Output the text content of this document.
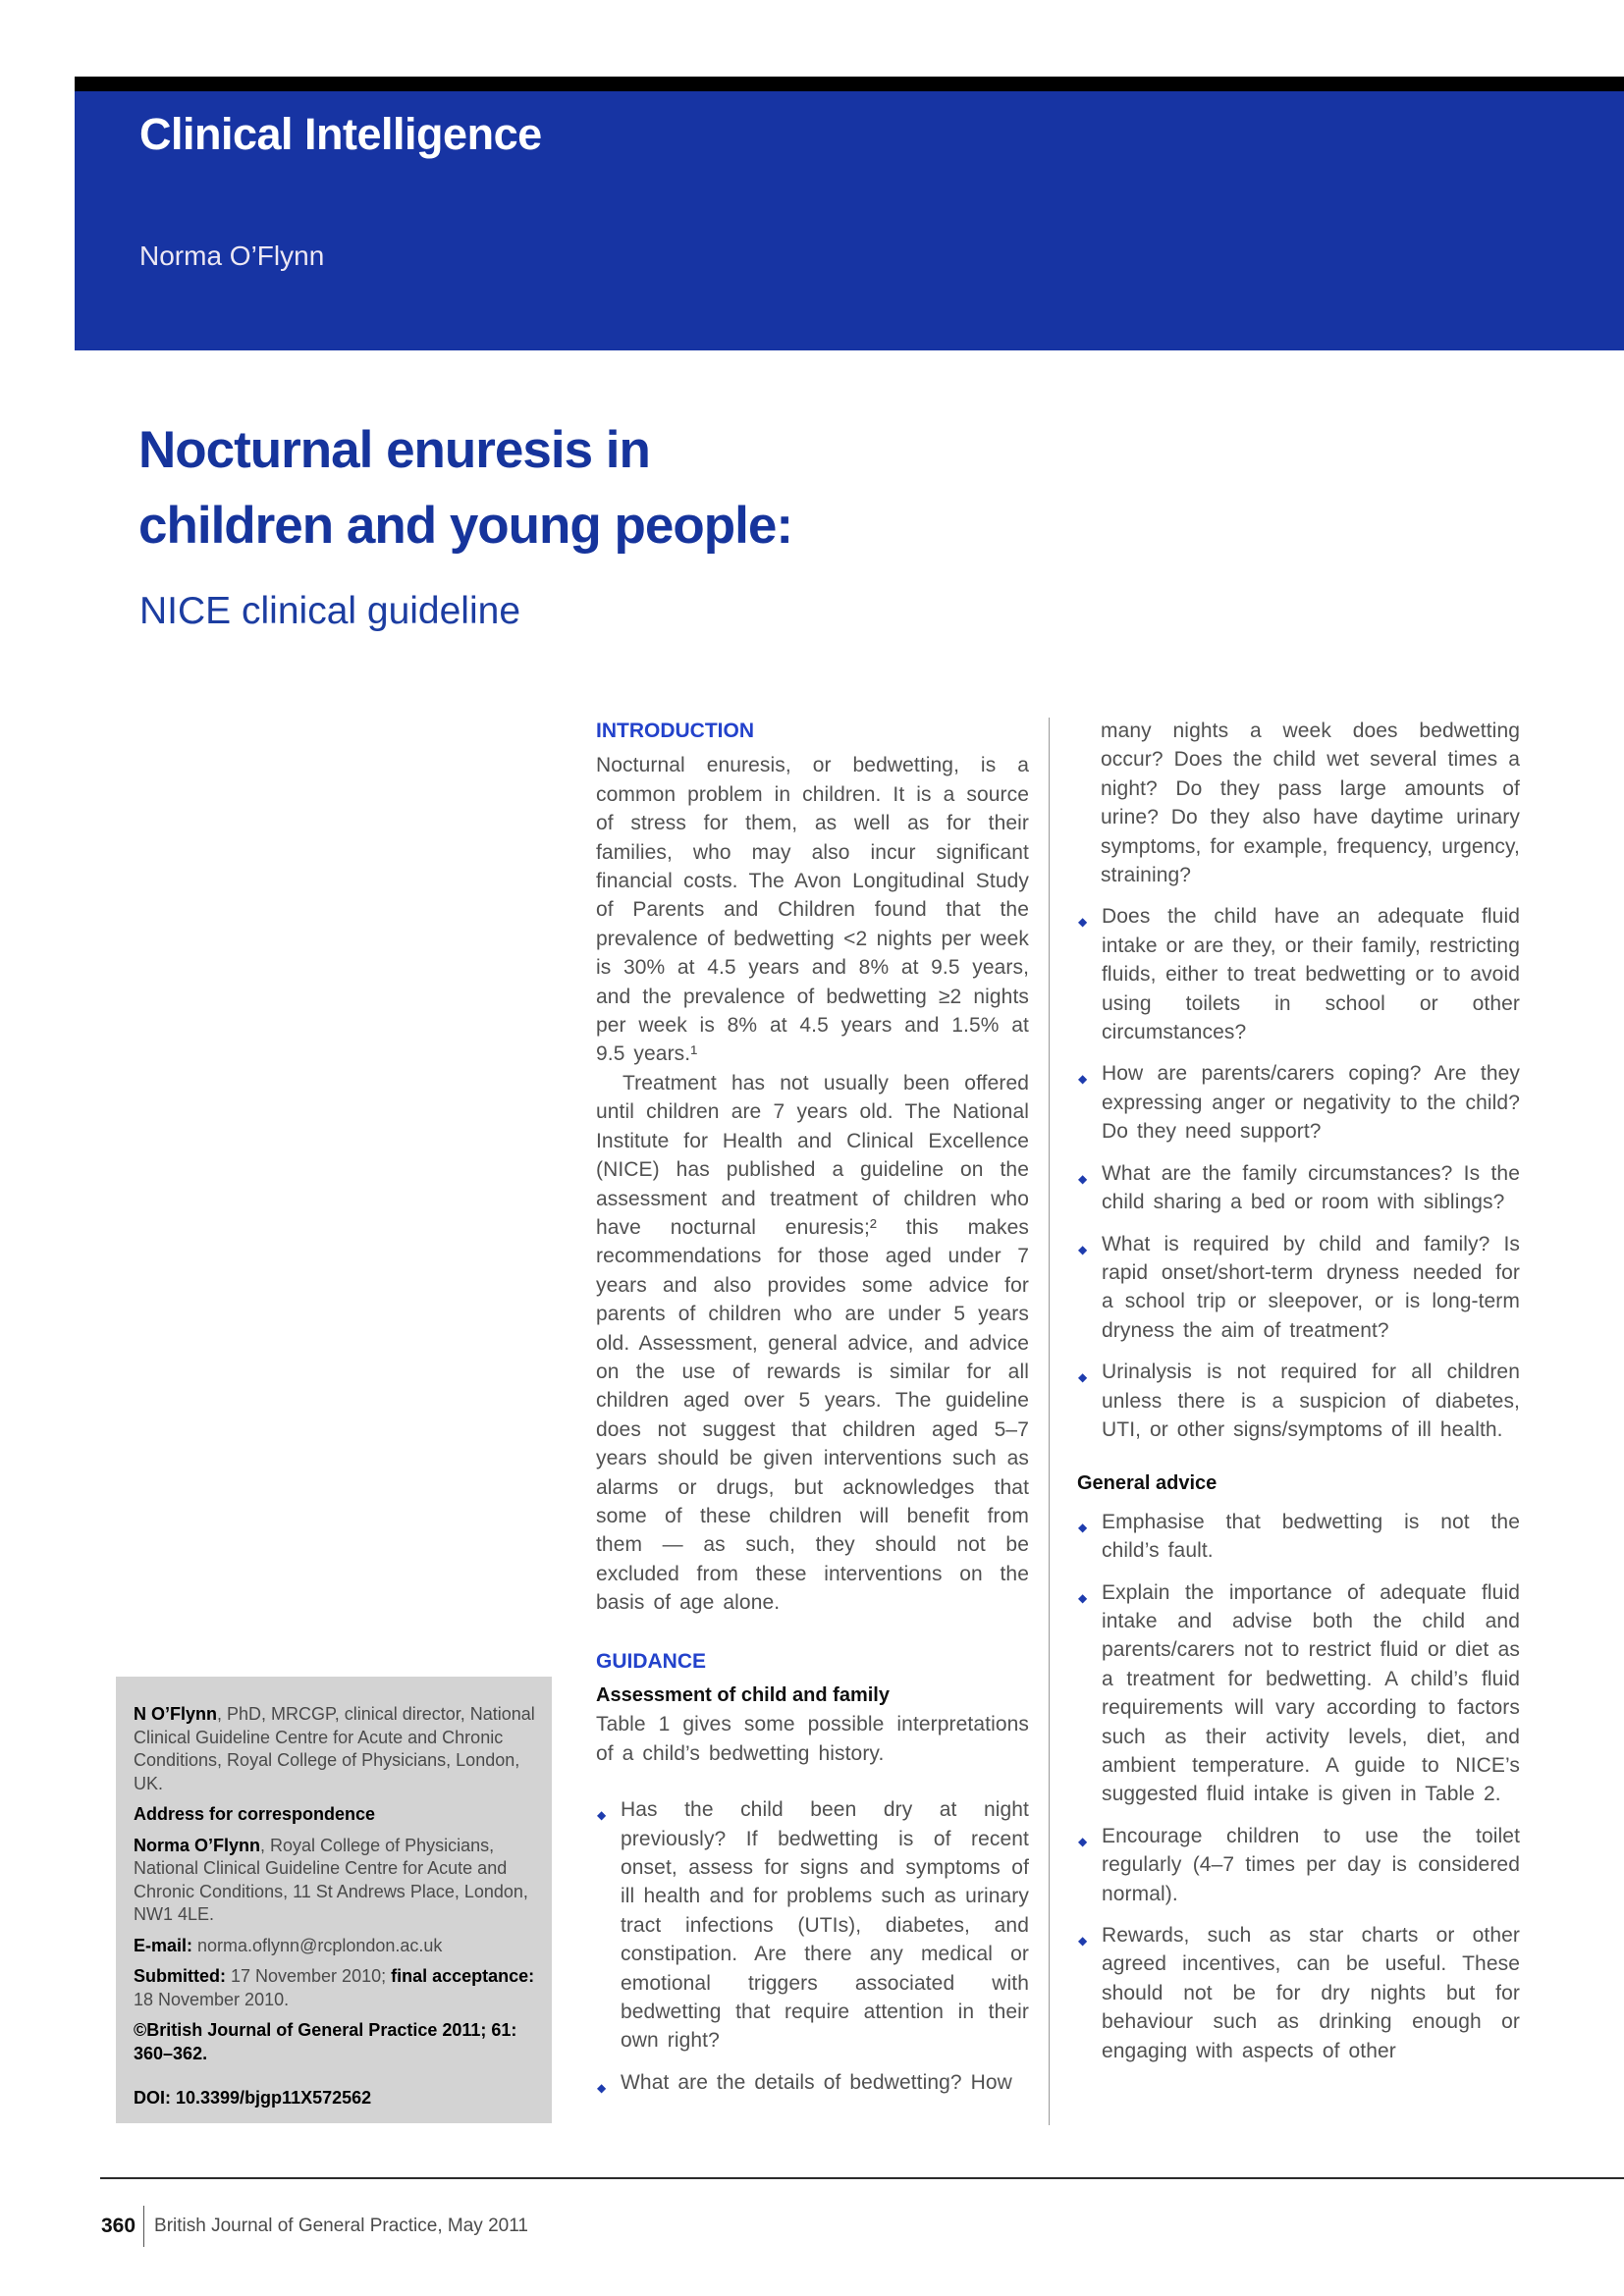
Clinical Intelligence
Norma O’Flynn
Nocturnal enuresis in
children and young people:
NICE clinical guideline
INTRODUCTION

Nocturnal enuresis, or bedwetting, is a common problem in children. It is a source of stress for them, as well as for their families, who may also incur significant financial costs. The Avon Longitudinal Study of Parents and Children found that the prevalence of bedwetting <2 nights per week is 30% at 4.5 years and 8% at 9.5 years, and the prevalence of bedwetting ≥2 nights per week is 8% at 4.5 years and 1.5% at 9.5 years.¹

Treatment has not usually been offered until children are 7 years old. The National Institute for Health and Clinical Excellence (NICE) has published a guideline on the assessment and treatment of children who have nocturnal enuresis;² this makes recommendations for those aged under 7 years and also provides some advice for parents of children who are under 5 years old. Assessment, general advice, and advice on the use of rewards is similar for all children aged over 5 years. The guideline does not suggest that children aged 5–7 years should be given interventions such as alarms or drugs, but acknowledges that some of these children will benefit from them — as such, they should not be excluded from these interventions on the basis of age alone.

GUIDANCE
Assessment of child and family

Table 1 gives some possible interpretations of a child’s bedwetting history.

◆ Has the child been dry at night previously? If bedwetting is of recent onset, assess for signs and symptoms of ill health and for problems such as urinary tract infections (UTIs), diabetes, and constipation. Are there any medical or emotional triggers associated with bedwetting that require attention in their own right?
◆ What are the details of bedwetting? How

many nights a week does bedwetting occur? Does the child wet several times a night? Do they pass large amounts of urine? Do they also have daytime urinary symptoms, for example, frequency, urgency, straining?

◆ Does the child have an adequate fluid intake or are they, or their family, restricting fluids, either to treat bedwetting or to avoid using toilets in school or other circumstances?
◆ How are parents/carers coping? Are they expressing anger or negativity to the child? Do they need support?
◆ What are the family circumstances? Is the child sharing a bed or room with siblings?
◆ What is required by child and family? Is rapid onset/short-term dryness needed for a school trip or sleepover, or is long-term dryness the aim of treatment?
◆ Urinalysis is not required for all children unless there is a suspicion of diabetes, UTI, or other signs/symptoms of ill health.
General advice
◆ Emphasise that bedwetting is not the child’s fault.
◆ Explain the importance of adequate fluid intake and advise both the child and parents/carers not to restrict fluid or diet as a treatment for bedwetting. A child’s fluid requirements will vary according to factors such as their activity levels, diet, and ambient temperature. A guide to NICE’s suggested fluid intake is given in Table 2.
◆ Encourage children to use the toilet regularly (4–7 times per day is considered normal).
◆ Rewards, such as star charts or other agreed incentives, can be useful. These should not be for dry nights but for behaviour such as drinking enough or engaging with aspects of other

N O’Flynn, PhD, MRCGP, clinical director, National Clinical Guideline Centre for Acute and Chronic Conditions, Royal College of Physicians, London, UK.

Address for correspondence

Norma O’Flynn, Royal College of Physicians, National Clinical Guideline Centre for Acute and Chronic Conditions, 11 St Andrews Place, London, NW1 4LE.

E-mail: norma.oflynn@rcplondon.ac.uk

Submitted: 17 November 2010; final acceptance: 18 November 2010.

©British Journal of General Practice 2011; 61: 360–362.

DOI: 10.3399/bjgp11X572562

360 British Journal of General Practice, May 2011
